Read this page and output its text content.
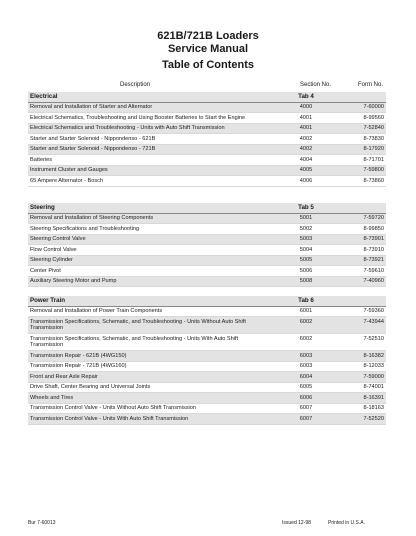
621B/721B Loaders
Service Manual
Table of Contents
Description	Section No.	Form No.
Electrical	Tab 4
Removal and Installation of Starter and Alternator	4000	7-60000
Electrical Schematics, Troubleshooting and Using Booster Batteries to Start the Engine	4001	8-99560
Electrical Schematics and Troubleshooting - Units with Auto Shift Transmission	4001	7-52840
Starter and Starter Solenoid - Nippondenso - 621B	4002	8-73830
Starter and Starter Solenoid - Nippondenso - 721B	4002	8-17920
Batteries	4004	8-71701
Instrument Cluster and Gauges	4005	7-59800
65 Ampere Alternator - Bosch	4006	8-73860
Steering	Tab 5
Removal and Installation of Steering Components	5001	7-59720
Steering Specifications and Troubleshooting	5002	8-99850
Steering Control Valve	5003	8-73901
Flow Control Valve	5004	8-73910
Steering Cylinder	5005	8-73921
Center Pivot	5006	7-59610
Auxiliary Steering Motor and Pump	5008	7-40960
Power Train	Tab 6
Removal and Installation of Power Train Components	6001	7-59360
Transmission Specifications, Schematic, and Troubleshooting - Units Without Auto Shift Transmission
6002	7-43944
Transmission Specifications, Schematic, and Troubleshooting - Units With Auto Shift Transmission
6002	7-52510
Transmission Repair - 621B (4WG150)	6003	8-16382
Transmission Repair - 721B (4WG160)	6003	8-12033
Front and Rear Axle Repair	6004	7-59000
Drive Shaft, Center Bearing and Universal Joints	6005	8-74001
Wheels and Tires	6006	8-16391
Transmission Control Valve - Units Without Auto Shift Transmission	6007	8-18163
Transmission Control Valve - Units With Auto Shift Transmission	6007	7-52520
Bur 7-60013	Issued 12-98	Printed in U.S.A.
